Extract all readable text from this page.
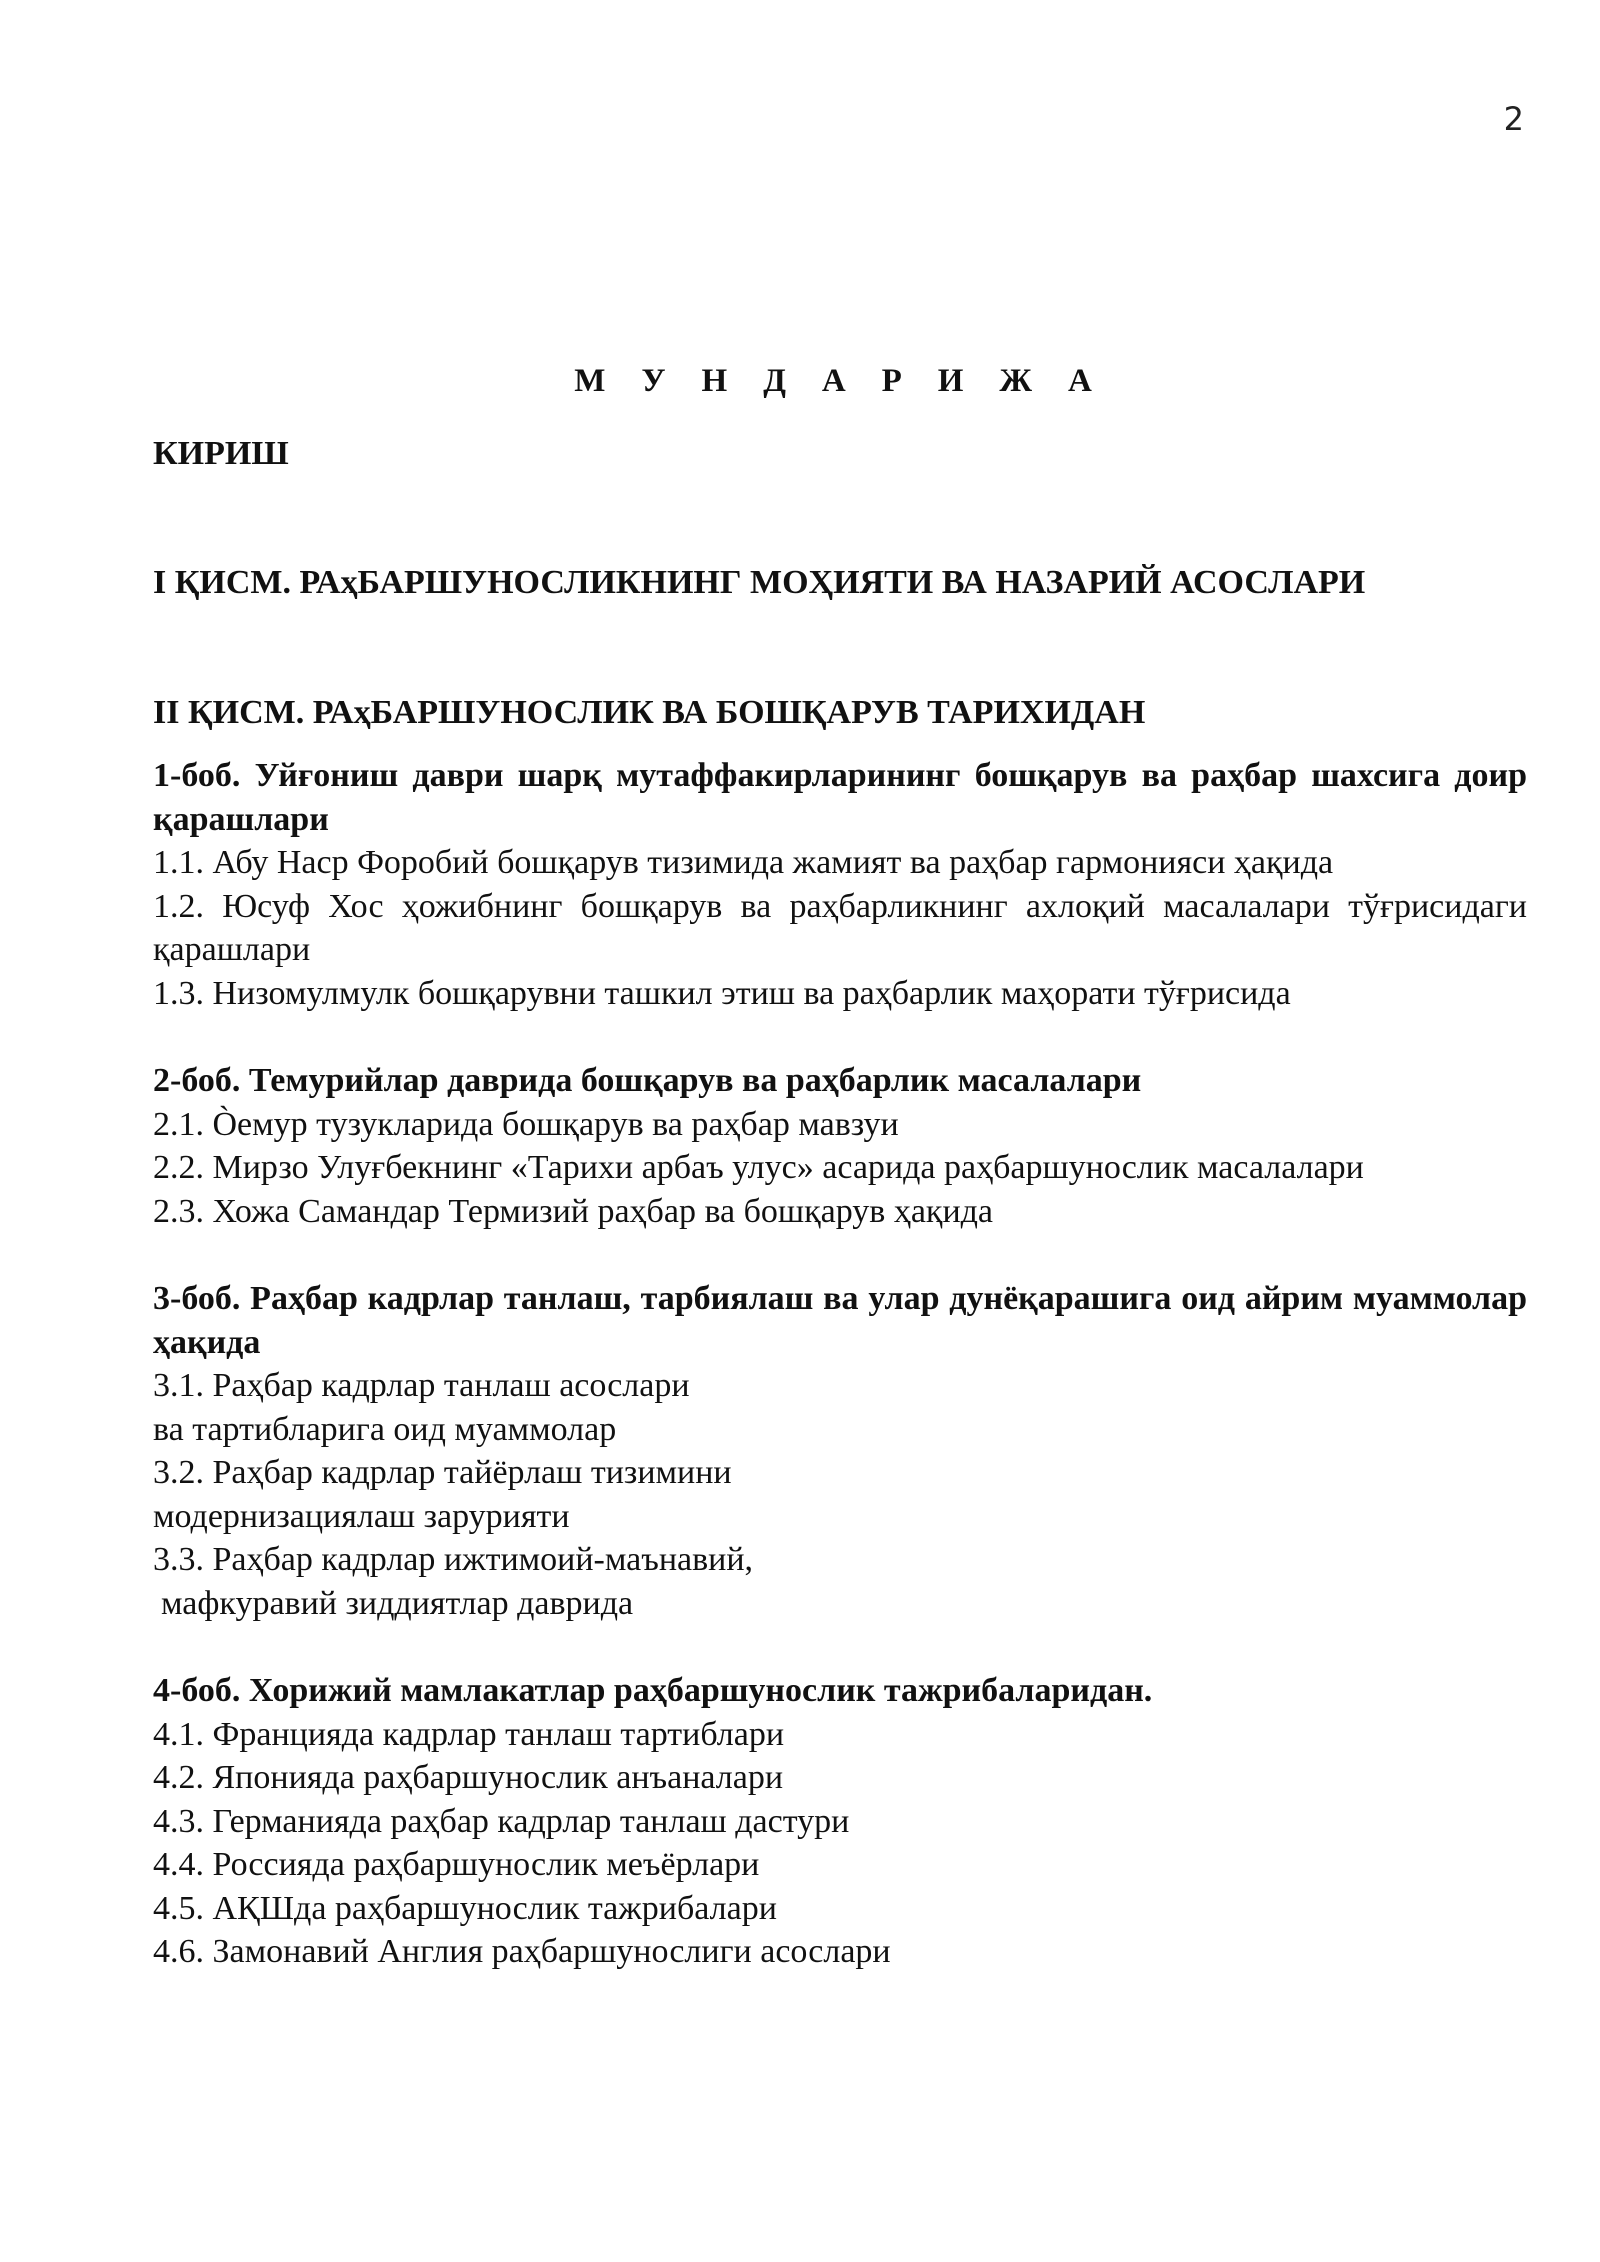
2

М У Н Д А Р И Ж А

КИРИШ

I ҚИСМ. РАҳБАРШУНОСЛИКНИНГ МОҲИЯТИ ВА НАЗАРИЙ АСОСЛАРИ

II ҚИСМ. РАҳБАРШУНОСЛИК ВА БОШҚАРУВ ТАРИХИДАН

1-боб. Уйғониш даври шарқ мутаффакирларининг бошқарув ва раҳбар шахсига доир қарашлари

1.1. Абу Наср Форобий бошқарув тизимида жамият ва раҳбар гармонияси ҳақида

1.2. Юсуф Хос ҳожибнинг бошқарув ва раҳбарликнинг ахлоқий масалалари тўғрисидаги қарашлари

1.3. Низомулмулк бошқарувни ташкил этиш ва раҳбарлик маҳорати тўғрисида

2-боб. Темурийлар даврида бошқарув ва раҳбарлик масалалари

2.1. Òемур тузукларида бошқарув ва раҳбар мавзуи

2.2. Мирзо Улуғбекнинг «Тарихи арбаъ улус» асарида раҳбаршунослик масалалари

2.3. Хожа Самандар Термизий раҳбар ва бошқарув ҳақида

3-боб. Раҳбар кадрлар танлаш, тарбиялаш ва улар дунёқарашига оид айрим муаммолар ҳақида

3.1. Раҳбар кадрлар танлаш асослари

ва тартибларига оид муаммолар

3.2. Раҳбар кадрлар тайёрлаш тизимини

модернизациялаш зарурияти

3.3. Раҳбар кадрлар ижтимоий-маънавий,

мафкуравий зиддиятлар даврида

4-боб. Хорижий мамлакатлар раҳбаршунослик тажрибаларидан.

4.1. Францияда кадрлар танлаш тартиблари

4.2. Японияда раҳбаршунослик анъаналари

4.3. Германияда раҳбар кадрлар танлаш дастури

4.4. Россияда раҳбаршунослик меъёрлари

4.5. АҚШда раҳбаршунослик тажрибалари

4.6. Замонавий Англия раҳбаршунослиги асослари
